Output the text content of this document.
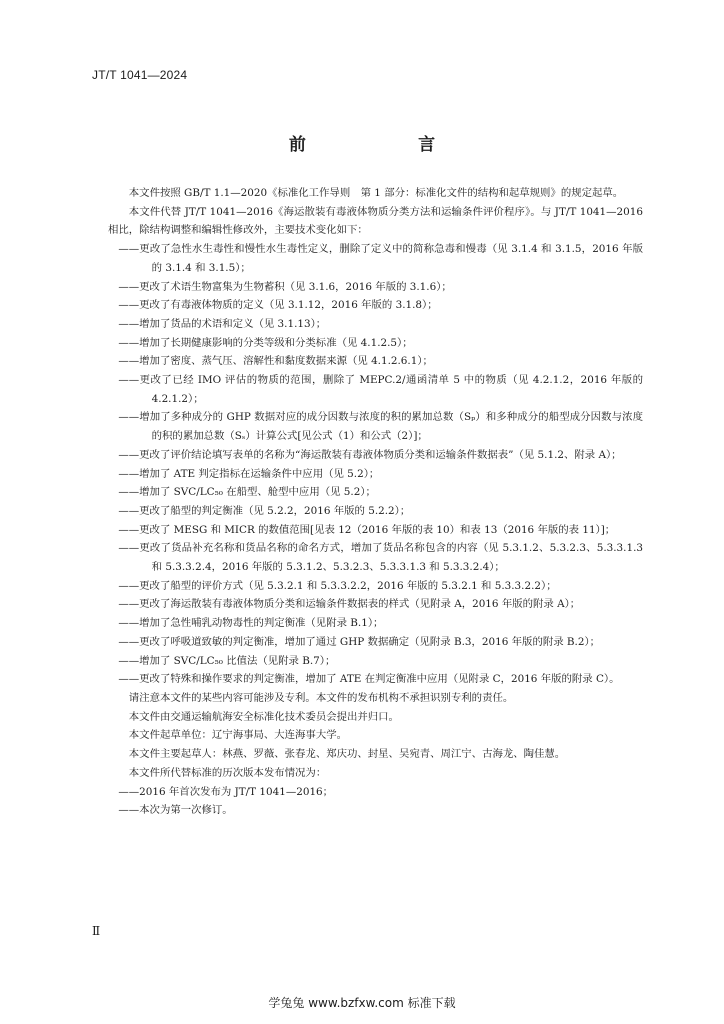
JT/T 1041—2024
前　言

本文件按照 GB/T 1.1—2020《标准化工作导则　第 1 部分：标准化文件的结构和起草规则》的规定起草。

本文件代替 JT/T 1041—2016《海运散装有毒液体物质分类方法和运输条件评价程序》。与 JT/T 1041—2016 相比，除结构调整和编辑性修改外，主要技术变化如下：

——更改了急性水生毒性和慢性水生毒性定义，删除了定义中的简称急毒和慢毒（见 3.1.4 和 3.1.5，2016 年版的 3.1.4 和 3.1.5）；

——更改了术语生物富集为生物蓄积（见 3.1.6，2016 年版的 3.1.6）；

——更改了有毒液体物质的定义（见 3.1.12，2016 年版的 3.1.8）；

——增加了货品的术语和定义（见 3.1.13）；

——增加了长期健康影响的分类等级和分类标准（见 4.1.2.5）；

——增加了密度、蒸气压、溶解性和黏度数据来源（见 4.1.2.6.1）；

——更改了已经 IMO 评估的物质的范围，删除了 MEPC.2/通函清单 5 中的物质（见 4.2.1.2，2016 年版的 4.2.1.2）；

——增加了多种成分的 GHP 数据对应的成分因数与浓度的积的累加总数（Sₚ）和多种成分的船型成分因数与浓度的积的累加总数（Sₛ）计算公式[见公式（1）和公式（2）]；

——更改了评价结论填写表单的名称为“海运散装有毒液体物质分类和运输条件数据表”（见 5.1.2、附录 A）；

——增加了 ATE 判定指标在运输条件中应用（见 5.2）；

——增加了 SVC/LC₅₀ 在船型、舱型中应用（见 5.2）；

——更改了船型的判定衡准（见 5.2.2，2016 年版的 5.2.2）；

——更改了 MESG 和 MICR 的数值范围[见表 12（2016 年版的表 10）和表 13（2016 年版的表 11）]；

——更改了货品补充名称和货品名称的命名方式，增加了货品名称包含的内容（见 5.3.1.2、5.3.2.3、5.3.3.1.3 和 5.3.3.2.4，2016 年版的 5.3.1.2、5.3.2.3、5.3.3.1.3 和 5.3.3.2.4）；

——更改了船型的评价方式（见 5.3.2.1 和 5.3.3.2.2，2016 年版的 5.3.2.1 和 5.3.3.2.2）；

——更改了海运散装有毒液体物质分类和运输条件数据表的样式（见附录 A，2016 年版的附录 A）；

——增加了急性哺乳动物毒性的判定衡准（见附录 B.1）；

——更改了呼吸道致敏的判定衡准，增加了通过 GHP 数据确定（见附录 B.3，2016 年版的附录 B.2）；

——增加了 SVC/LC₅₀ 比值法（见附录 B.7）；

——更改了特殊和操作要求的判定衡准，增加了 ATE 在判定衡准中应用（见附录 C，2016 年版的附录 C）。

请注意本文件的某些内容可能涉及专利。本文件的发布机构不承担识别专利的责任。

本文件由交通运输航海安全标准化技术委员会提出并归口。

本文件起草单位：辽宁海事局、大连海事大学。

本文件主要起草人：林燕、罗薇、张春龙、郑庆功、封星、吴宛青、周江宁、古海龙、陶佳慧。

本文件所代替标准的历次版本发布情况为：

——2016 年首次发布为 JT/T 1041—2016；

——本次为第一次修订。

Ⅱ
学兔兔 www.bzfxw.com 标准下载
